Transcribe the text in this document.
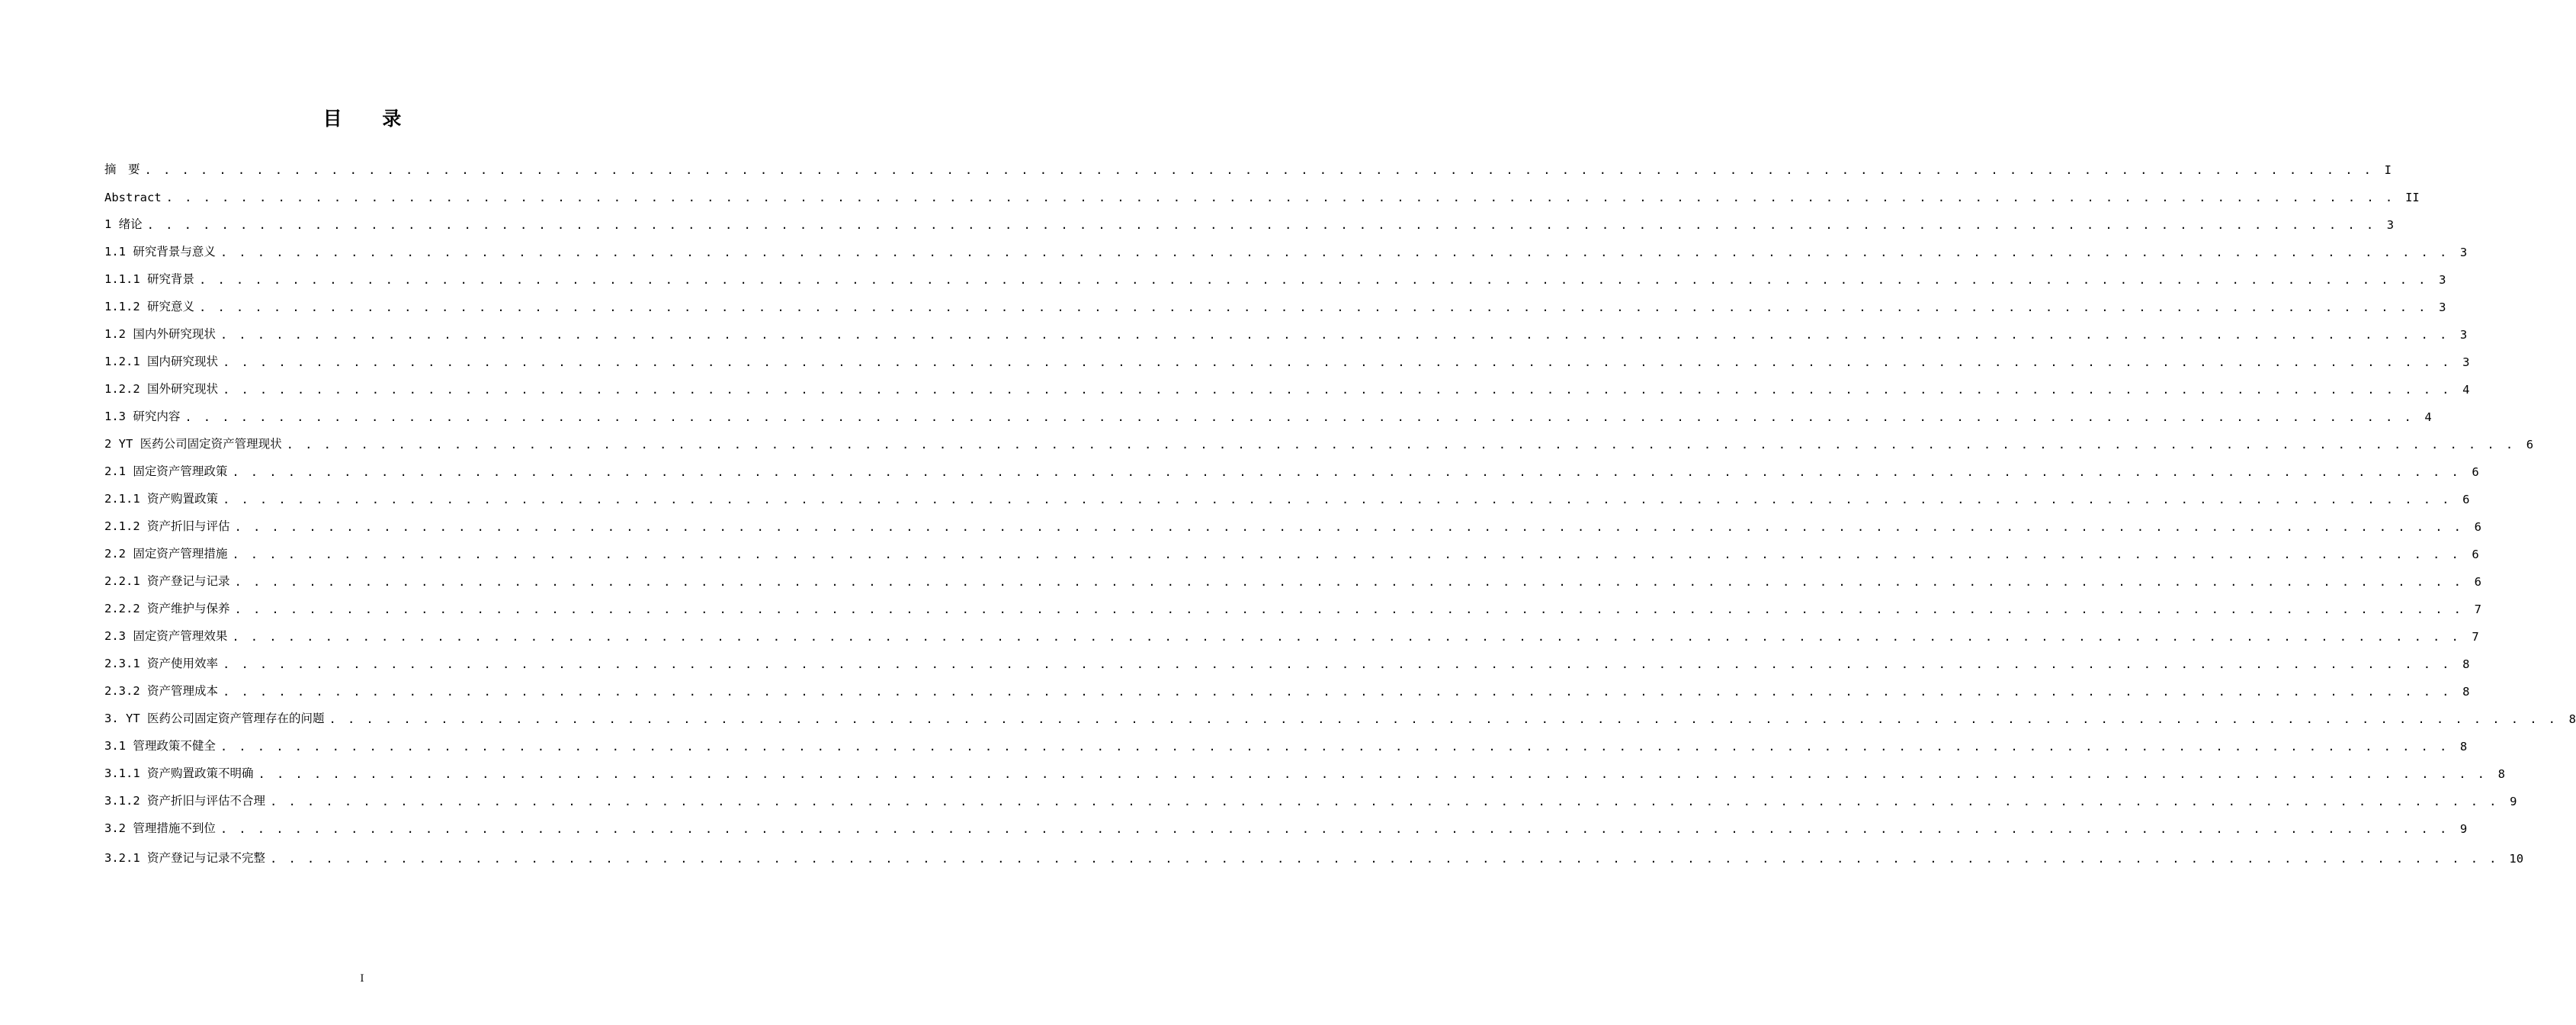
目 录
摘　要 . . . . . . . . . . . . . . . . . . . . . . . . . . . . . . . . . . . . . . . . . . . . . . . . . . . . . . . . . . . . . . . . . . . . . . . . . . . . . . . . . . . . . . . . . . . . . . . . . . . . . . . . . . . . . . . . . . . . . . . . I
Abstract . . . . . . . . . . . . . . . . . . . . . . . . . . . . . . . . . . . . . . . . . . . . . . . . . . . . . . . . . . . . . . . . . . . . . . . . . . . . . . . . . . . . . . . . . . . . . . . . . . . . . . . . . . . . . . . . . . . . . . . . II
1 绪论 . . . . . . . . . . . . . . . . . . . . . . . . . . . . . . . . . . . . . . . . . . . . . . . . . . . . . . . . . . . . . . . . . . . . . . . . . . . . . . . . . . . . . . . . . . . . . . . . . . . . . . . . . . . . . . . . . . . . . . . . 3
1.1 研究背景与意义 . . . . . . . . . . . . . . . . . . . . . . . . . . . . . . . . . . . . . . . . . . . . . . . . . . . . . . . . . . . . . . . . . . . . . . . . . . . . . . . . . . . . . . . . . . . . . . . . . . . . . . . . . . . . . . . . . . . . . . . . 3
1.1.1 研究背景 . . . . . . . . . . . . . . . . . . . . . . . . . . . . . . . . . . . . . . . . . . . . . . . . . . . . . . . . . . . . . . . . . . . . . . . . . . . . . . . . . . . . . . . . . . . . . . . . . . . . . . . . . . . . . . . . . . . . . . . . 3
1.1.2 研究意义 . . . . . . . . . . . . . . . . . . . . . . . . . . . . . . . . . . . . . . . . . . . . . . . . . . . . . . . . . . . . . . . . . . . . . . . . . . . . . . . . . . . . . . . . . . . . . . . . . . . . . . . . . . . . . . . . . . . . . . . . 3
1.2 国内外研究现状 . . . . . . . . . . . . . . . . . . . . . . . . . . . . . . . . . . . . . . . . . . . . . . . . . . . . . . . . . . . . . . . . . . . . . . . . . . . . . . . . . . . . . . . . . . . . . . . . . . . . . . . . . . . . . . . . . . . . . . . . 3
1.2.1 国内研究现状 . . . . . . . . . . . . . . . . . . . . . . . . . . . . . . . . . . . . . . . . . . . . . . . . . . . . . . . . . . . . . . . . . . . . . . . . . . . . . . . . . . . . . . . . . . . . . . . . . . . . . . . . . . . . . . . . . . . . . . . . 3
1.2.2 国外研究现状 . . . . . . . . . . . . . . . . . . . . . . . . . . . . . . . . . . . . . . . . . . . . . . . . . . . . . . . . . . . . . . . . . . . . . . . . . . . . . . . . . . . . . . . . . . . . . . . . . . . . . . . . . . . . . . . . . . . . . . . . 4
1.3 研究内容 . . . . . . . . . . . . . . . . . . . . . . . . . . . . . . . . . . . . . . . . . . . . . . . . . . . . . . . . . . . . . . . . . . . . . . . . . . . . . . . . . . . . . . . . . . . . . . . . . . . . . . . . . . . . . . . . . . . . . . . . 4
2 YT 医药公司固定资产管理现状 . . . . . . . . . . . . . . . . . . . . . . . . . . . . . . . . . . . . . . . . . . . . . . . . . . . . . . . . . . . . . . . . . . . . . . . . . . . . . . . . . . . . . . . . . . . . . . . . . . . . . . . . . . . . . . . . . . . . . . . . 6
2.1 固定资产管理政策 . . . . . . . . . . . . . . . . . . . . . . . . . . . . . . . . . . . . . . . . . . . . . . . . . . . . . . . . . . . . . . . . . . . . . . . . . . . . . . . . . . . . . . . . . . . . . . . . . . . . . . . . . . . . . . . . . . . . . . . . 6
2.1.1 资产购置政策 . . . . . . . . . . . . . . . . . . . . . . . . . . . . . . . . . . . . . . . . . . . . . . . . . . . . . . . . . . . . . . . . . . . . . . . . . . . . . . . . . . . . . . . . . . . . . . . . . . . . . . . . . . . . . . . . . . . . . . . . 6
2.1.2 资产折旧与评估 . . . . . . . . . . . . . . . . . . . . . . . . . . . . . . . . . . . . . . . . . . . . . . . . . . . . . . . . . . . . . . . . . . . . . . . . . . . . . . . . . . . . . . . . . . . . . . . . . . . . . . . . . . . . . . . . . . . . . . . . 6
2.2 固定资产管理措施 . . . . . . . . . . . . . . . . . . . . . . . . . . . . . . . . . . . . . . . . . . . . . . . . . . . . . . . . . . . . . . . . . . . . . . . . . . . . . . . . . . . . . . . . . . . . . . . . . . . . . . . . . . . . . . . . . . . . . . . . 6
2.2.1 资产登记与记录 . . . . . . . . . . . . . . . . . . . . . . . . . . . . . . . . . . . . . . . . . . . . . . . . . . . . . . . . . . . . . . . . . . . . . . . . . . . . . . . . . . . . . . . . . . . . . . . . . . . . . . . . . . . . . . . . . . . . . . . . 6
2.2.2 资产维护与保养 . . . . . . . . . . . . . . . . . . . . . . . . . . . . . . . . . . . . . . . . . . . . . . . . . . . . . . . . . . . . . . . . . . . . . . . . . . . . . . . . . . . . . . . . . . . . . . . . . . . . . . . . . . . . . . . . . . . . . . . . 7
2.3 固定资产管理效果 . . . . . . . . . . . . . . . . . . . . . . . . . . . . . . . . . . . . . . . . . . . . . . . . . . . . . . . . . . . . . . . . . . . . . . . . . . . . . . . . . . . . . . . . . . . . . . . . . . . . . . . . . . . . . . . . . . . . . . . . 7
2.3.1 资产使用效率 . . . . . . . . . . . . . . . . . . . . . . . . . . . . . . . . . . . . . . . . . . . . . . . . . . . . . . . . . . . . . . . . . . . . . . . . . . . . . . . . . . . . . . . . . . . . . . . . . . . . . . . . . . . . . . . . . . . . . . . . 8
2.3.2 资产管理成本 . . . . . . . . . . . . . . . . . . . . . . . . . . . . . . . . . . . . . . . . . . . . . . . . . . . . . . . . . . . . . . . . . . . . . . . . . . . . . . . . . . . . . . . . . . . . . . . . . . . . . . . . . . . . . . . . . . . . . . . . 8
3. YT 医药公司固定资产管理存在的问题 . . . . . . . . . . . . . . . . . . . . . . . . . . . . . . . . . . . . . . . . . . . . . . . . . . . . . . . . . . . . . . . . . . . . . . . . . . . . . . . . . . . . . . . . . . . . . . . . . . . . . . . . . . . . . . . . . . . . . . . . 8
3.1 管理政策不健全 . . . . . . . . . . . . . . . . . . . . . . . . . . . . . . . . . . . . . . . . . . . . . . . . . . . . . . . . . . . . . . . . . . . . . . . . . . . . . . . . . . . . . . . . . . . . . . . . . . . . . . . . . . . . . . . . . . . . . . . . 8
3.1.1 资产购置政策不明确 . . . . . . . . . . . . . . . . . . . . . . . . . . . . . . . . . . . . . . . . . . . . . . . . . . . . . . . . . . . . . . . . . . . . . . . . . . . . . . . . . . . . . . . . . . . . . . . . . . . . . . . . . . . . . . . . . . . . . . . . 8
3.1.2 资产折旧与评估不合理 . . . . . . . . . . . . . . . . . . . . . . . . . . . . . . . . . . . . . . . . . . . . . . . . . . . . . . . . . . . . . . . . . . . . . . . . . . . . . . . . . . . . . . . . . . . . . . . . . . . . . . . . . . . . . . . . . . . . . . . . 9
3.2 管理措施不到位 . . . . . . . . . . . . . . . . . . . . . . . . . . . . . . . . . . . . . . . . . . . . . . . . . . . . . . . . . . . . . . . . . . . . . . . . . . . . . . . . . . . . . . . . . . . . . . . . . . . . . . . . . . . . . . . . . . . . . . . . 9
3.2.1 资产登记与记录不完整 . . . . . . . . . . . . . . . . . . . . . . . . . . . . . . . . . . . . . . . . . . . . . . . . . . . . . . . . . . . . . . . . . . . . . . . . . . . . . . . . . . . . . . . . . . . . . . . . . . . . . . . . . . . . . . . . . . . . . . . . 10
I
